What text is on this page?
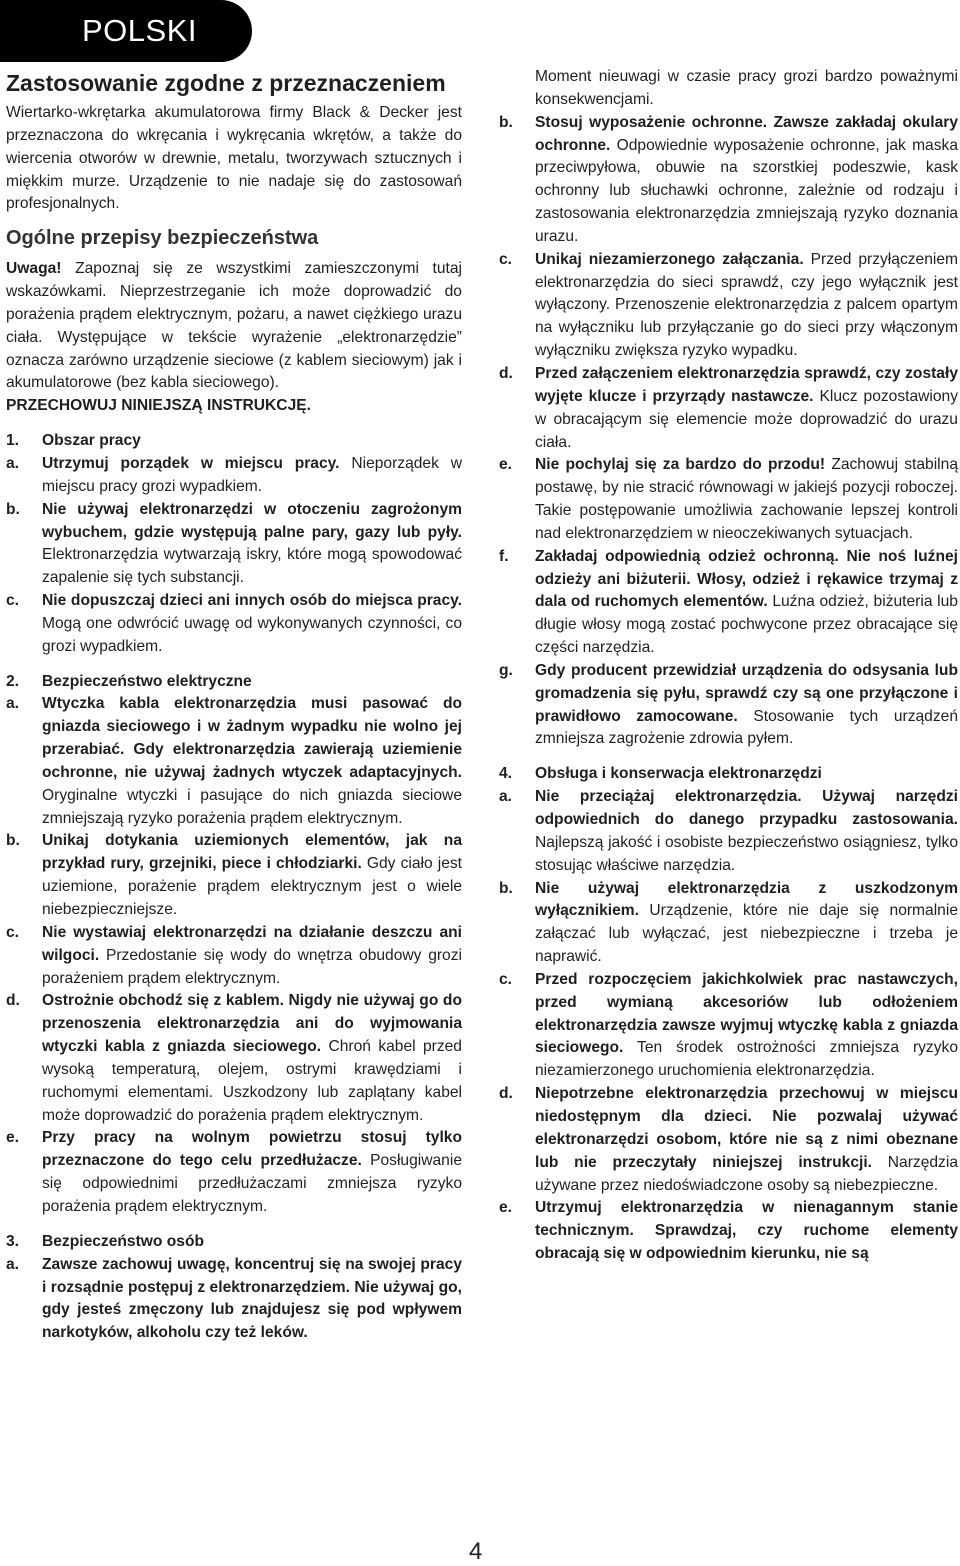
POLSKI
Zastosowanie zgodne z przeznaczeniem

Wiertarko-wkrętarka akumulatorowa firmy Black & Decker jest przeznaczona do wkręcania i wykręcania wkrętów, a także do wiercenia otworów w drewnie, metalu, tworzywach sztucznych i miękkim murze. Urządzenie to nie nadaje się do zastosowań profesjonalnych.

Ogólne przepisy bezpieczeństwa

Uwaga! Zapoznaj się ze wszystkimi zamieszczonymi tutaj wskazówkami. Nieprzestrzeganie ich może doprowadzić do porażenia prądem elektrycznym, pożaru, a nawet ciężkiego urazu ciała. Występujące w tekście wyrażenie „elektronarzędzie” oznacza zarówno urządzenie sieciowe (z kablem sieciowym) jak i akumulatorowe (bez kabla sieciowego).

PRZECHOWUJ NINIEJSZĄ INSTRUKCJĘ.

1. Obszar pracy

a.	Utrzymuj porządek w miejscu pracy. Nieporządek w miejscu pracy grozi wypadkiem.
b.	Nie używaj elektronarzędzi w otoczeniu zagrożonym wybuchem, gdzie występują palne pary, gazy lub pyły. Elektronarzędzia wytwarzają iskry, które mogą spowodować zapalenie się tych substancji.
c.	Nie dopuszczaj dzieci ani innych osób do miejsca pracy. Mogą one odwrócić uwagę od wykonywanych czynności, co grozi wypadkiem.

2. Bezpieczeństwo elektryczne

a.	Wtyczka kabla elektronarzędzia musi pasować do gniazda sieciowego i w żadnym wypadku nie wolno jej przerabiać. Gdy elektronarzędzia zawierają uziemienie ochronne, nie używaj żadnych wtyczek adaptacyjnych. Oryginalne wtyczki i pasujące do nich gniazda sieciowe zmniejszają ryzyko porażenia prądem elektrycznym.
b.	Unikaj dotykania uziemionych elementów, jak na przykład rury, grzejniki, piece i chłodziarki. Gdy ciało jest uziemione, porażenie prądem elektrycznym jest o wiele niebezpieczniejsze.
c.	Nie wystawiaj elektronarzędzi na działanie deszczu ani wilgoci. Przedostanie się wody do wnętrza obudowy grozi porażeniem prądem elektrycznym.
d.	Ostrożnie obchodź się z kablem. Nigdy nie używaj go do przenoszenia elektronarzędzia ani do wyjmowania wtyczki kabla z gniazda sieciowego. Chroń kabel przed wysoką temperaturą, olejem, ostrymi krawędziami i ruchomymi elementami. Uszkodzony lub zaplątany kabel może doprowadzić do porażenia prądem elektrycznym.
e.	Przy pracy na wolnym powietrzu stosuj tylko przeznaczone do tego celu przedłużacze. Posługiwanie się odpowiednimi przedłużaczami zmniejsza ryzyko porażenia prądem elektrycznym.

3. Bezpieczeństwo osób

a.	Zawsze zachowuj uwagę, koncentruj się na swojej pracy i rozsądnie postępuj z elektronarzędziem. Nie używaj go, gdy jesteś zmęczony lub znajdujesz się pod wpływem narkotyków, alkoholu czy też leków.
Moment nieuwagi w czasie pracy grozi bardzo poważnymi konsekwencjami.
b.	Stosuj wyposażenie ochronne. Zawsze zakładaj okulary ochronne. Odpowiednie wyposażenie ochronne, jak maska przeciwpyłowa, obuwie na szorstkiej podeszwie, kask ochronny lub słuchawki ochronne, zależnie od rodzaju i zastosowania elektronarzędzia zmniejszają ryzyko doznania urazu.
c.	Unikaj niezamierzonego załączania. Przed przyłączeniem elektronarzędzia do sieci sprawdź, czy jego wyłącznik jest wyłączony. Przenoszenie elektronarzędzia z palcem opartym na wyłączniku lub przyłączanie go do sieci przy włączonym wyłączniku zwiększa ryzyko wypadku.
d.	Przed załączeniem elektronarzędzia sprawdź, czy zostały wyjęte klucze i przyrządy nastawcze. Klucz pozostawiony w obracającym się elemencie może doprowadzić do urazu ciała.
e.	Nie pochylaj się za bardzo do przodu! Zachowuj stabilną postawę, by nie stracić równowagi w jakiejś pozycji roboczej. Takie postępowanie umożliwia zachowanie lepszej kontroli nad elektronarzędziem w nieoczekiwanych sytuacjach.
f.	Zakładaj odpowiednią odzież ochronną. Nie noś luźnej odzieży ani biżuterii. Włosy, odzież i rękawice trzymaj z dala od ruchomych elementów. Luźna odzież, biżuteria lub długie włosy mogą zostać pochwycone przez obracające się części narzędzia.
g.	Gdy producent przewidział urządzenia do odsysania lub gromadzenia się pyłu, sprawdź czy są one przyłączone i prawidłowo zamocowane. Stosowanie tych urządzeń zmniejsza zagrożenie zdrowia pyłem.

4. Obsługa i konserwacja elektronarzędzi

a.	Nie przeciążaj elektronarzędzia. Używaj narzędzi odpowiednich do danego przypadku zastosowania. Najlepszą jakość i osobiste bezpieczeństwo osiągniesz, tylko stosując właściwe narzędzia.
b.	Nie używaj elektronarzędzia z uszkodzonym wyłącznikiem. Urządzenie, które nie daje się normalnie załączać lub wyłączać, jest niebezpieczne i trzeba je naprawić.
c.	Przed rozpoczęciem jakichkolwiek prac nastawczych, przed wymianą akcesoriów lub odłożeniem elektronarzędzia zawsze wyjmuj wtyczkę kabla z gniazda sieciowego. Ten środek ostrożności zmniejsza ryzyko niezamierzonego uruchomienia elektronarzędzia.
d.	Niepotrzebne elektronarzędzia przechowuj w miejscu niedostępnym dla dzieci. Nie pozwalaj używać elektronarzędzi osobom, które nie są z nimi obeznane lub nie przeczytały niniejszej instrukcji. Narzędzia używane przez niedoświadczone osoby są niebezpieczne.
e.	Utrzymuj elektronarzędzia w nienagannym stanie technicznym. Sprawdzaj, czy ruchome elementy obracają się w odpowiednim kierunku, nie są
4
